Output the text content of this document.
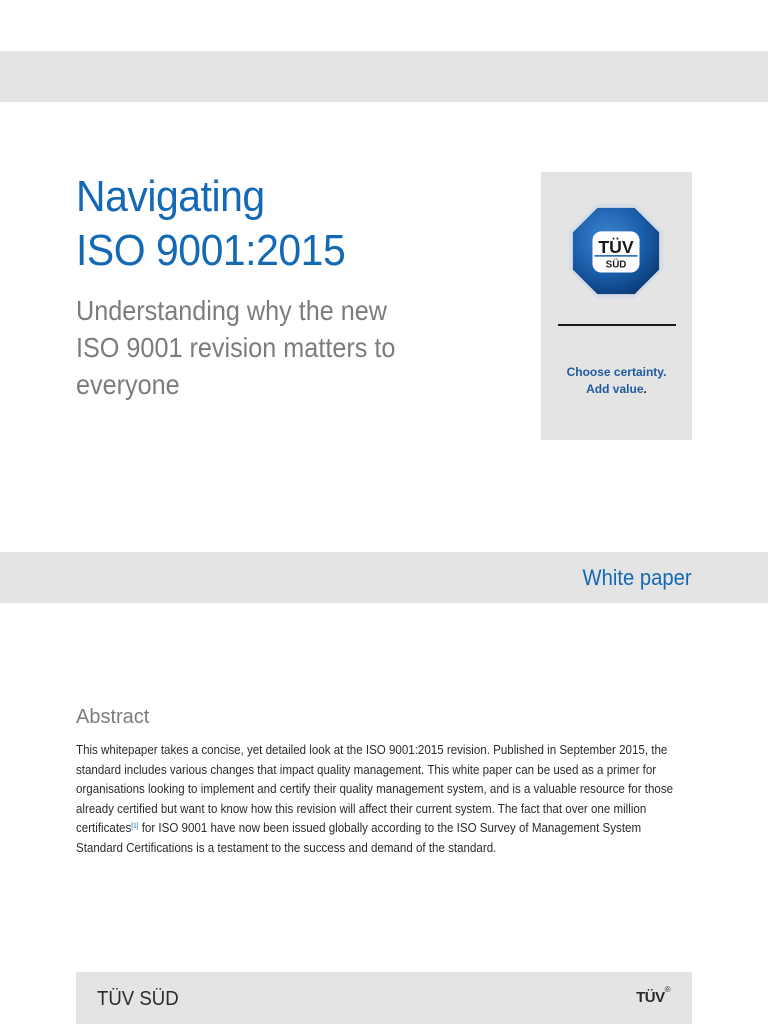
Navigating
ISO 9001:2015
Understanding why the new
ISO 9001 revision matters to
everyone
TÜV
SÜD
Choose certainty.
Add value.
White paper
Abstract
This whitepaper takes a concise, yet detailed look at the ISO 9001:2015 revision. Published in September 2015, the standard includes various changes that impact quality management. This white paper can be used as a primer for organisations looking to implement and certify their quality management system, and is a valuable resource for those already certified but want to know how this revision will affect their current system. The fact that over one million certificates[1] for ISO 9001 have now been issued globally according to the ISO Survey of Management System Standard Certifications is a testament to the success and demand of the standard.
TÜV SÜD	TÜV®
